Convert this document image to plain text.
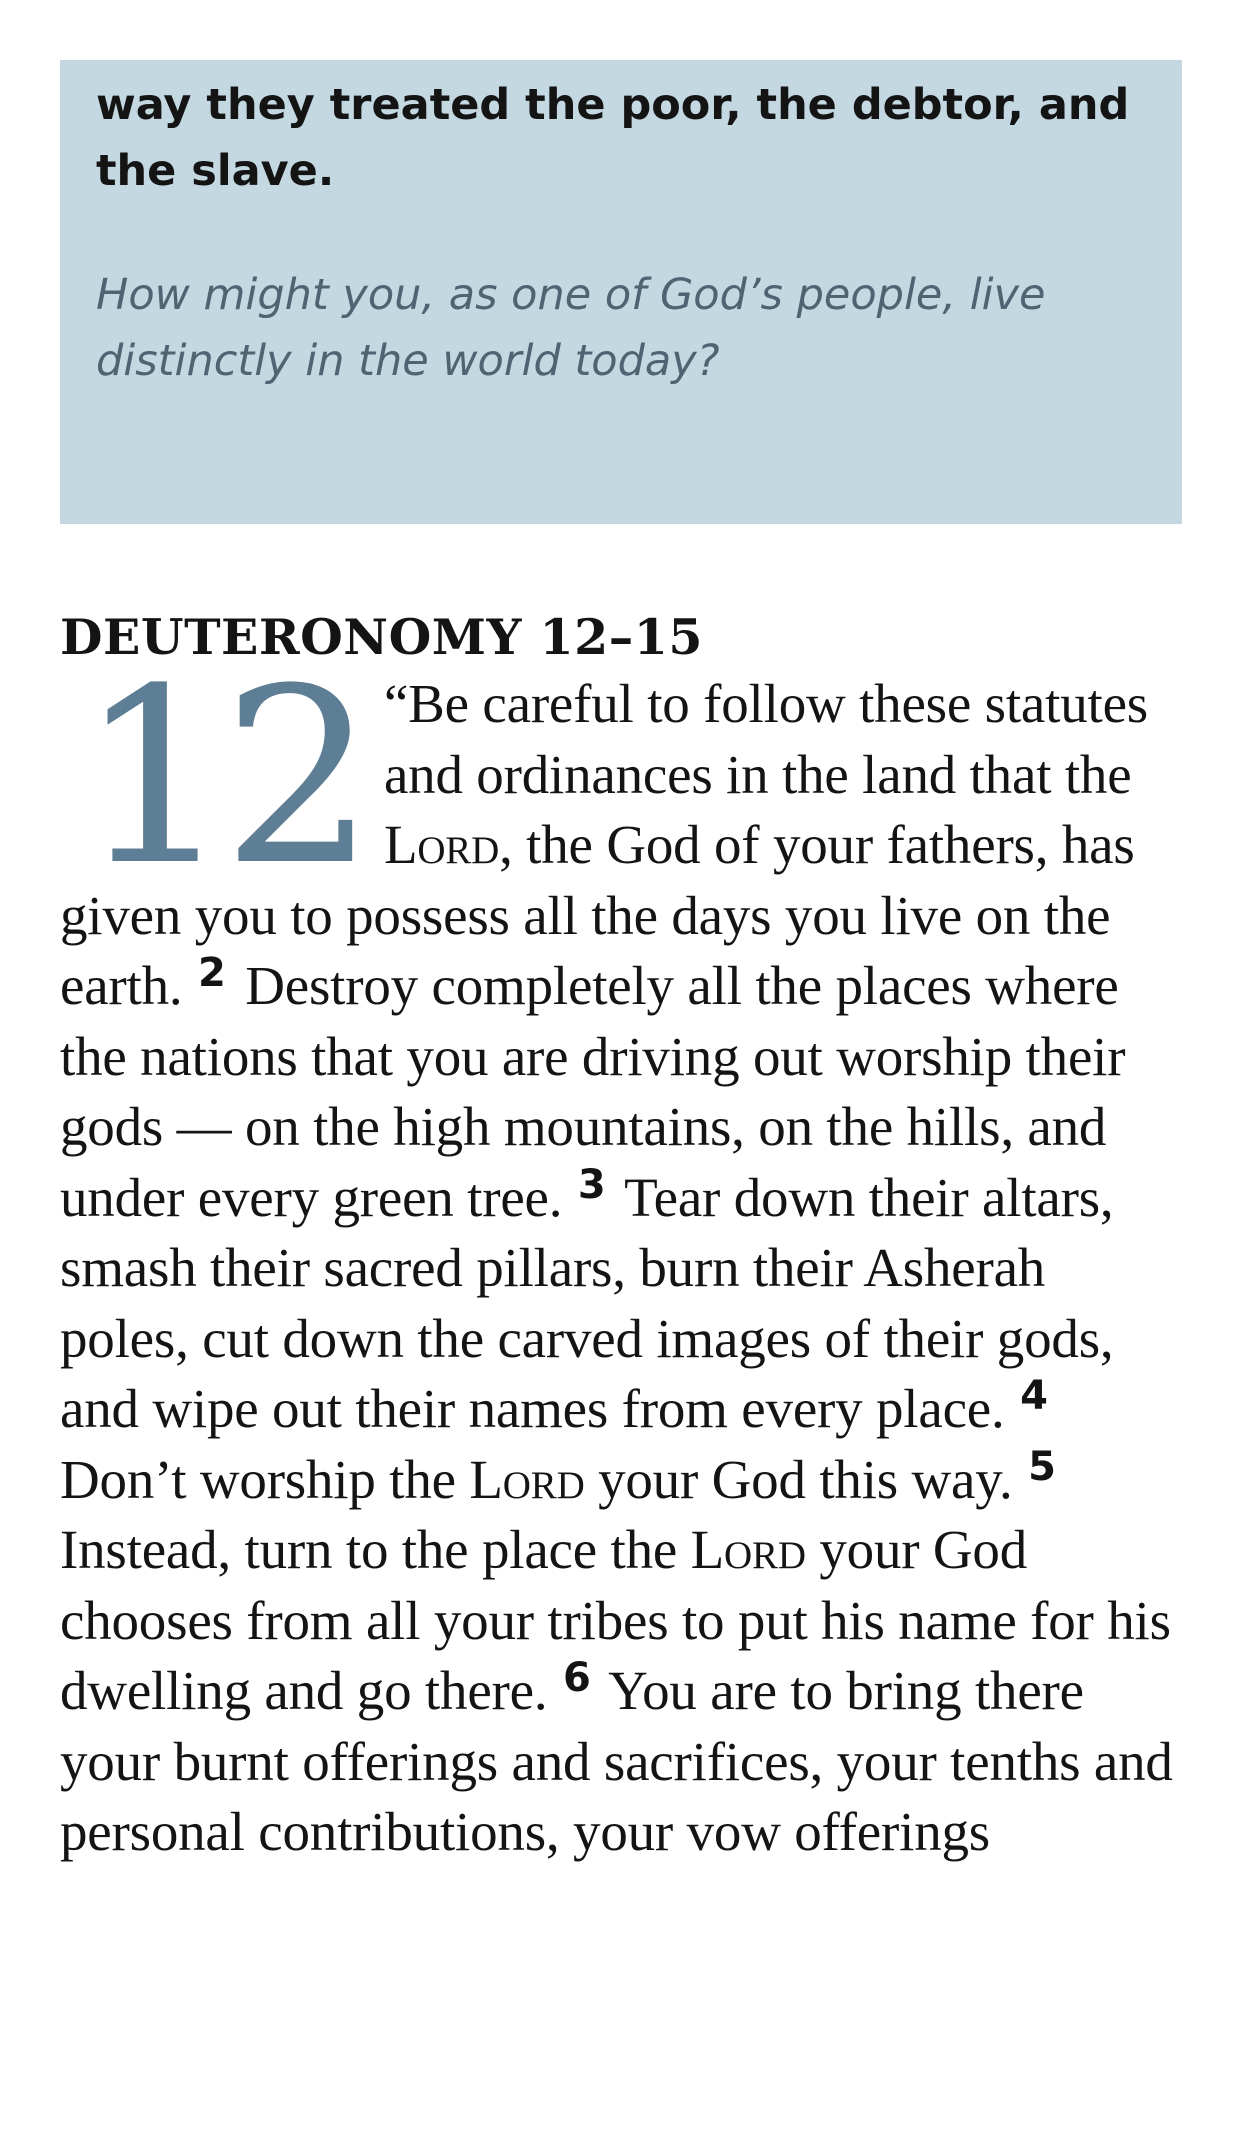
way they treated the poor, the debtor, and the slave.

How might you, as one of God’s people, live distinctly in the world today?

DEUTERONOMY 12–15

12 “Be careful to follow these statutes and ordinances in the land that the Lord, the God of your fathers, has given you to possess all the days you live on the earth. $^2$ Destroy completely all the places where the nations that you are driving out worship their gods — on the high mountains, on the hills, and under every green tree. $^3$ Tear down their altars, smash their sacred pillars, burn their Asherah poles, cut down the carved images of their gods, and wipe out their names from every place. $^4$ Don’t worship the Lord your God this way. $^5$ Instead, turn to the place the Lord your God chooses from all your tribes to put his name for his dwelling and go there. $^6$ You are to bring there your burnt offerings and sacrifices, your tenths and personal contributions, your vow offerings
